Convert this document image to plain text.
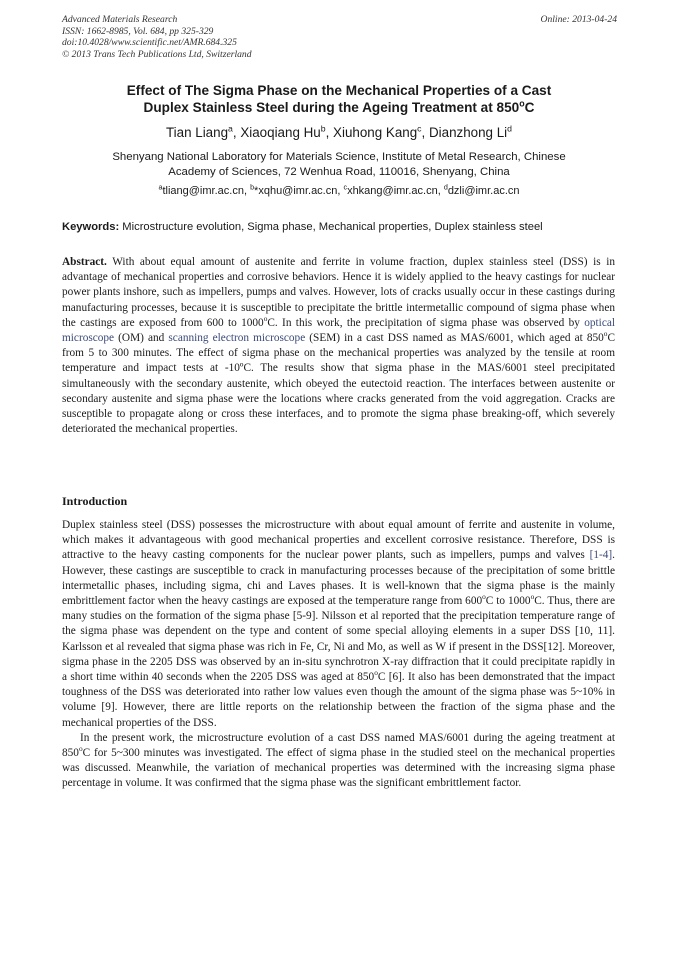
Advanced Materials Research
ISSN: 1662-8985, Vol. 684, pp 325-329
doi:10.4028/www.scientific.net/AMR.684.325
© 2013 Trans Tech Publications Ltd, Switzerland
Online: 2013-04-24
Effect of The Sigma Phase on the Mechanical Properties of a Cast
Duplex Stainless Steel during the Ageing Treatment at 850$^o$C
Tian Liang$^a$, Xiaoqiang Hu$^b$, Xiuhong Kang$^c$, Dianzhong Li$^d$
Shenyang National Laboratory for Materials Science, Institute of Metal Research, Chinese
Academy of Sciences, 72 Wenhua Road, 110016, Shenyang, China
$^a$tliang@imr.ac.cn, $^b$*xqhu@imr.ac.cn, $^c$xhkang@imr.ac.cn, $^d$dzli@imr.ac.cn
Keywords: Microstructure evolution, Sigma phase, Mechanical properties, Duplex stainless steel
Abstract. With about equal amount of austenite and ferrite in volume fraction, duplex stainless steel (DSS) is in advantage of mechanical properties and corrosive behaviors. Hence it is widely applied to the heavy castings for nuclear power plants inshore, such as impellers, pumps and valves. However, lots of cracks usually occur in these castings during manufacturing processes, because it is susceptible to precipitate the brittle intermetallic compound of sigma phase when the castings are exposed from 600 to 1000$^o$C. In this work, the precipitation of sigma phase was observed by optical microscope (OM) and scanning electron microscope (SEM) in a cast DSS named as MAS/6001, which aged at 850$^o$C from 5 to 300 minutes. The effect of sigma phase on the mechanical properties was analyzed by the tensile at room temperature and impact tests at -10ºC. The results show that sigma phase in the MAS/6001 steel precipitated simultaneously with the secondary austenite, which obeyed the eutectoid reaction. The interfaces between austenite or secondary austenite and sigma phase were the locations where cracks generated from the void aggregation. Cracks are susceptible to propagate along or cross these interfaces, and to promote the sigma phase breaking-off, which severely deteriorated the mechanical properties.
Introduction

Duplex stainless steel (DSS) possesses the microstructure with about equal amount of ferrite and austenite in volume, which makes it advantageous with good mechanical properties and excellent corrosive resistance. Therefore, DSS is attractive to the heavy casting components for the nuclear power plants, such as impellers, pumps and valves [1-4]. However, these castings are susceptible to crack in manufacturing processes because of the precipitation of some brittle intermetallic phases, including sigma, chi and Laves phases. It is well-known that the sigma phase is the mainly embrittlement factor when the heavy castings are exposed at the temperature range from 600$^o$C to 1000$^o$C. Thus, there are many studies on the formation of the sigma phase [5-9]. Nilsson et al reported that the precipitation temperature range of the sigma phase was dependent on the type and content of some special alloying elements in a super DSS [10, 11]. Karlsson et al revealed that sigma phase was rich in Fe, Cr, Ni and Mo, as well as W if present in the DSS[12]. Moreover, sigma phase in the 2205 DSS was observed by an in-situ synchrotron X-ray diffraction that it could precipitate rapidly in a short time within 40 seconds when the 2205 DSS was aged at 850$^o$C [6]. It also has been demonstrated that the impact toughness of the DSS was deteriorated into rather low values even though the amount of the sigma phase was 5~10% in volume [9]. However, there are little reports on the relationship between the fraction of the sigma phase and the mechanical properties of the DSS.

In the present work, the microstructure evolution of a cast DSS named MAS/6001 during the ageing treatment at 850$^o$C for 5~300 minutes was investigated. The effect of sigma phase in the studied steel on the mechanical properties was discussed. Meanwhile, the variation of mechanical properties was determined with the increasing sigma phase percentage in volume. It was confirmed that the sigma phase was the significant embrittlement factor.
